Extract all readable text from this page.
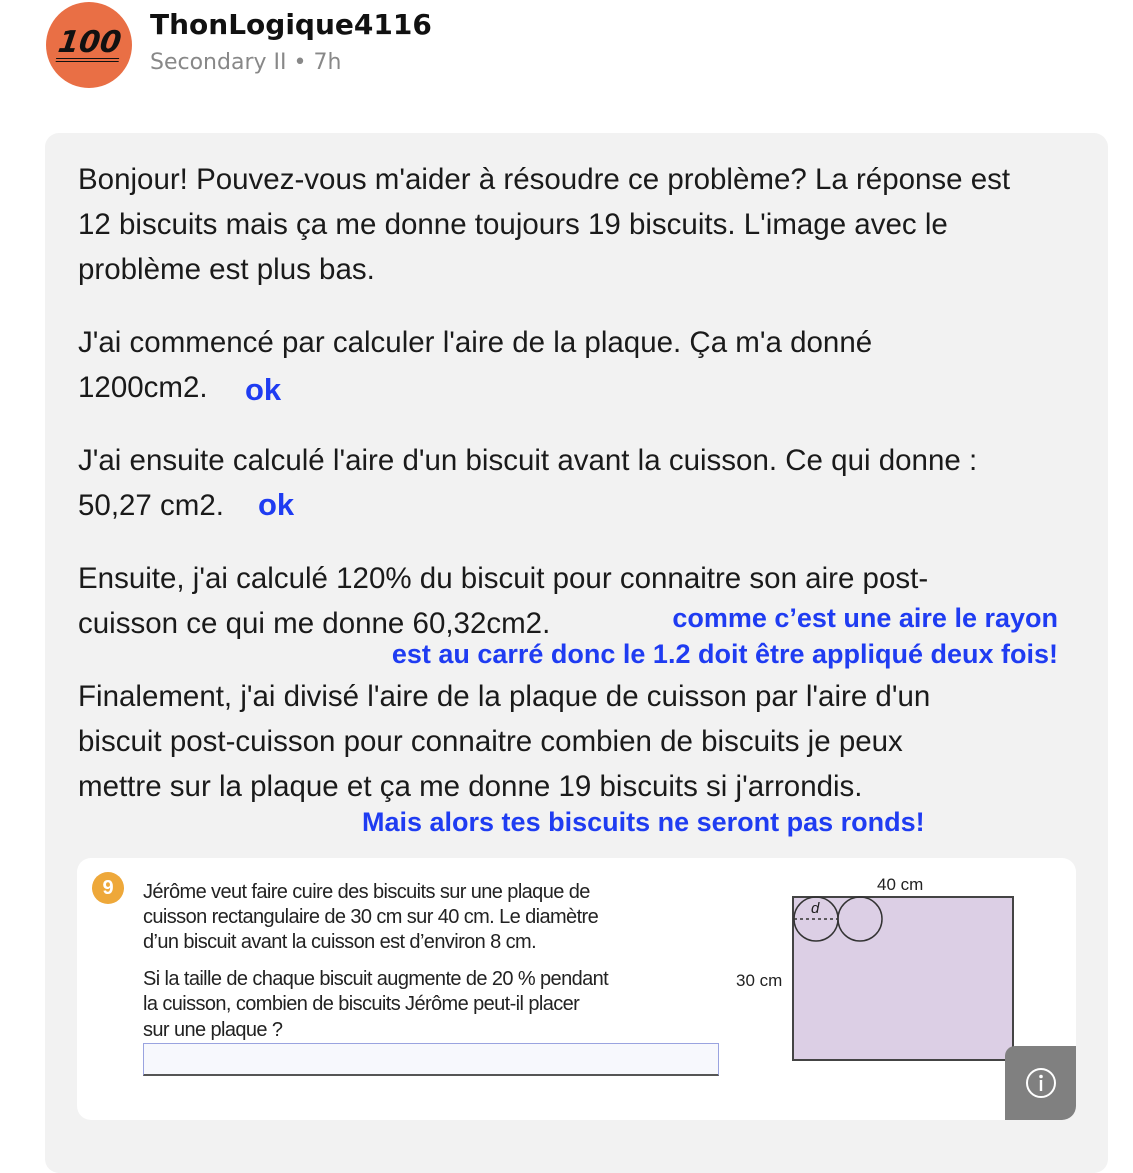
100
ThonLogique4116
Secondary II • 7h
Bonjour! Pouvez-vous m'aider à résoudre ce problème? La réponse est
12 biscuits mais ça me donne toujours 19 biscuits. L'image avec le
problème est plus bas.
J'ai commencé par calculer l'aire de la plaque. Ça m'a donné
1200cm2.
J'ai ensuite calculé l'aire d'un biscuit avant la cuisson. Ce qui donne :
50,27 cm2.
Ensuite, j'ai calculé 120% du biscuit pour connaitre son aire post-
cuisson ce qui me donne 60,32cm2.
Finalement, j'ai divisé l'aire de la plaque de cuisson par l'aire d'un
biscuit post-cuisson pour connaitre combien de biscuits je peux
mettre sur la plaque et ça me donne 19 biscuits si j'arrondis.
ok
ok
comme c’est une aire le rayon
est au carré donc le 1.2 doit être appliqué deux fois!
Mais alors tes biscuits ne seront pas ronds!
9	Jérôme veut faire cuire des biscuits sur une plaque de
cuisson rectangulaire de 30 cm sur 40 cm. Le diamètre
d’un biscuit avant la cuisson est d’environ 8 cm.
Si la taille de chaque biscuit augmente de 20 % pendant
la cuisson, combien de biscuits Jérôme peut-il placer
sur une plaque ?
40 cm
30 cm
d
